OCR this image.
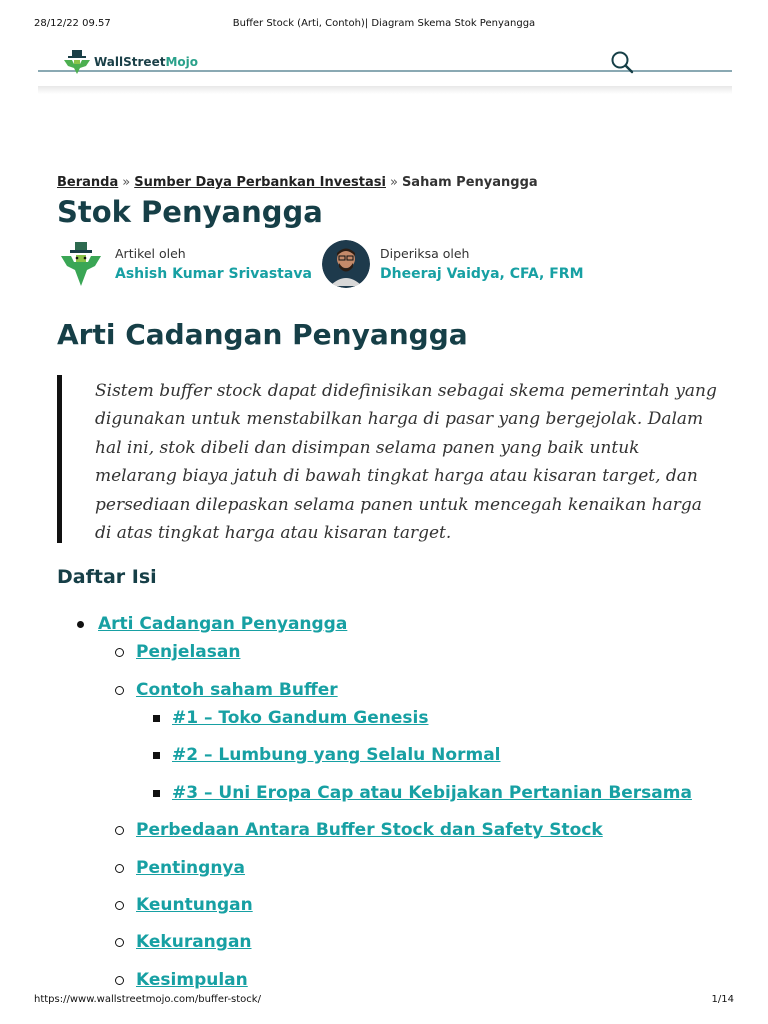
28/12/22 09.57	Buffer Stock (Arti, Contoh)| Diagram Skema Stok Penyangga
WallStreetMojo
Beranda » Sumber Daya Perbankan Investasi » Saham Penyangga
Stok Penyangga
Artikel oleh
Ashish Kumar Srivastava
Diperiksa oleh
Dheeraj Vaidya, CFA, FRM
Arti Cadangan Penyangga

Sistem buffer stock dapat didefinisikan sebagai skema pemerintah yang digunakan untuk menstabilkan harga di pasar yang bergejolak. Dalam hal ini, stok dibeli dan disimpan selama panen yang baik untuk melarang biaya jatuh di bawah tingkat harga atau kisaran target, dan persediaan dilepaskan selama panen untuk mencegah kenaikan harga di atas tingkat harga atau kisaran target.

Daftar Isi
Arti Cadangan Penyangga
Penjelasan
Contoh saham Buffer
#1 – Toko Gandum Genesis
#2 – Lumbung yang Selalu Normal
#3 – Uni Eropa Cap atau Kebijakan Pertanian Bersama
Perbedaan Antara Buffer Stock dan Safety Stock
Pentingnya
Keuntungan
Kekurangan
Kesimpulan
https://www.wallstreetmojo.com/buffer-stock/	1/14
